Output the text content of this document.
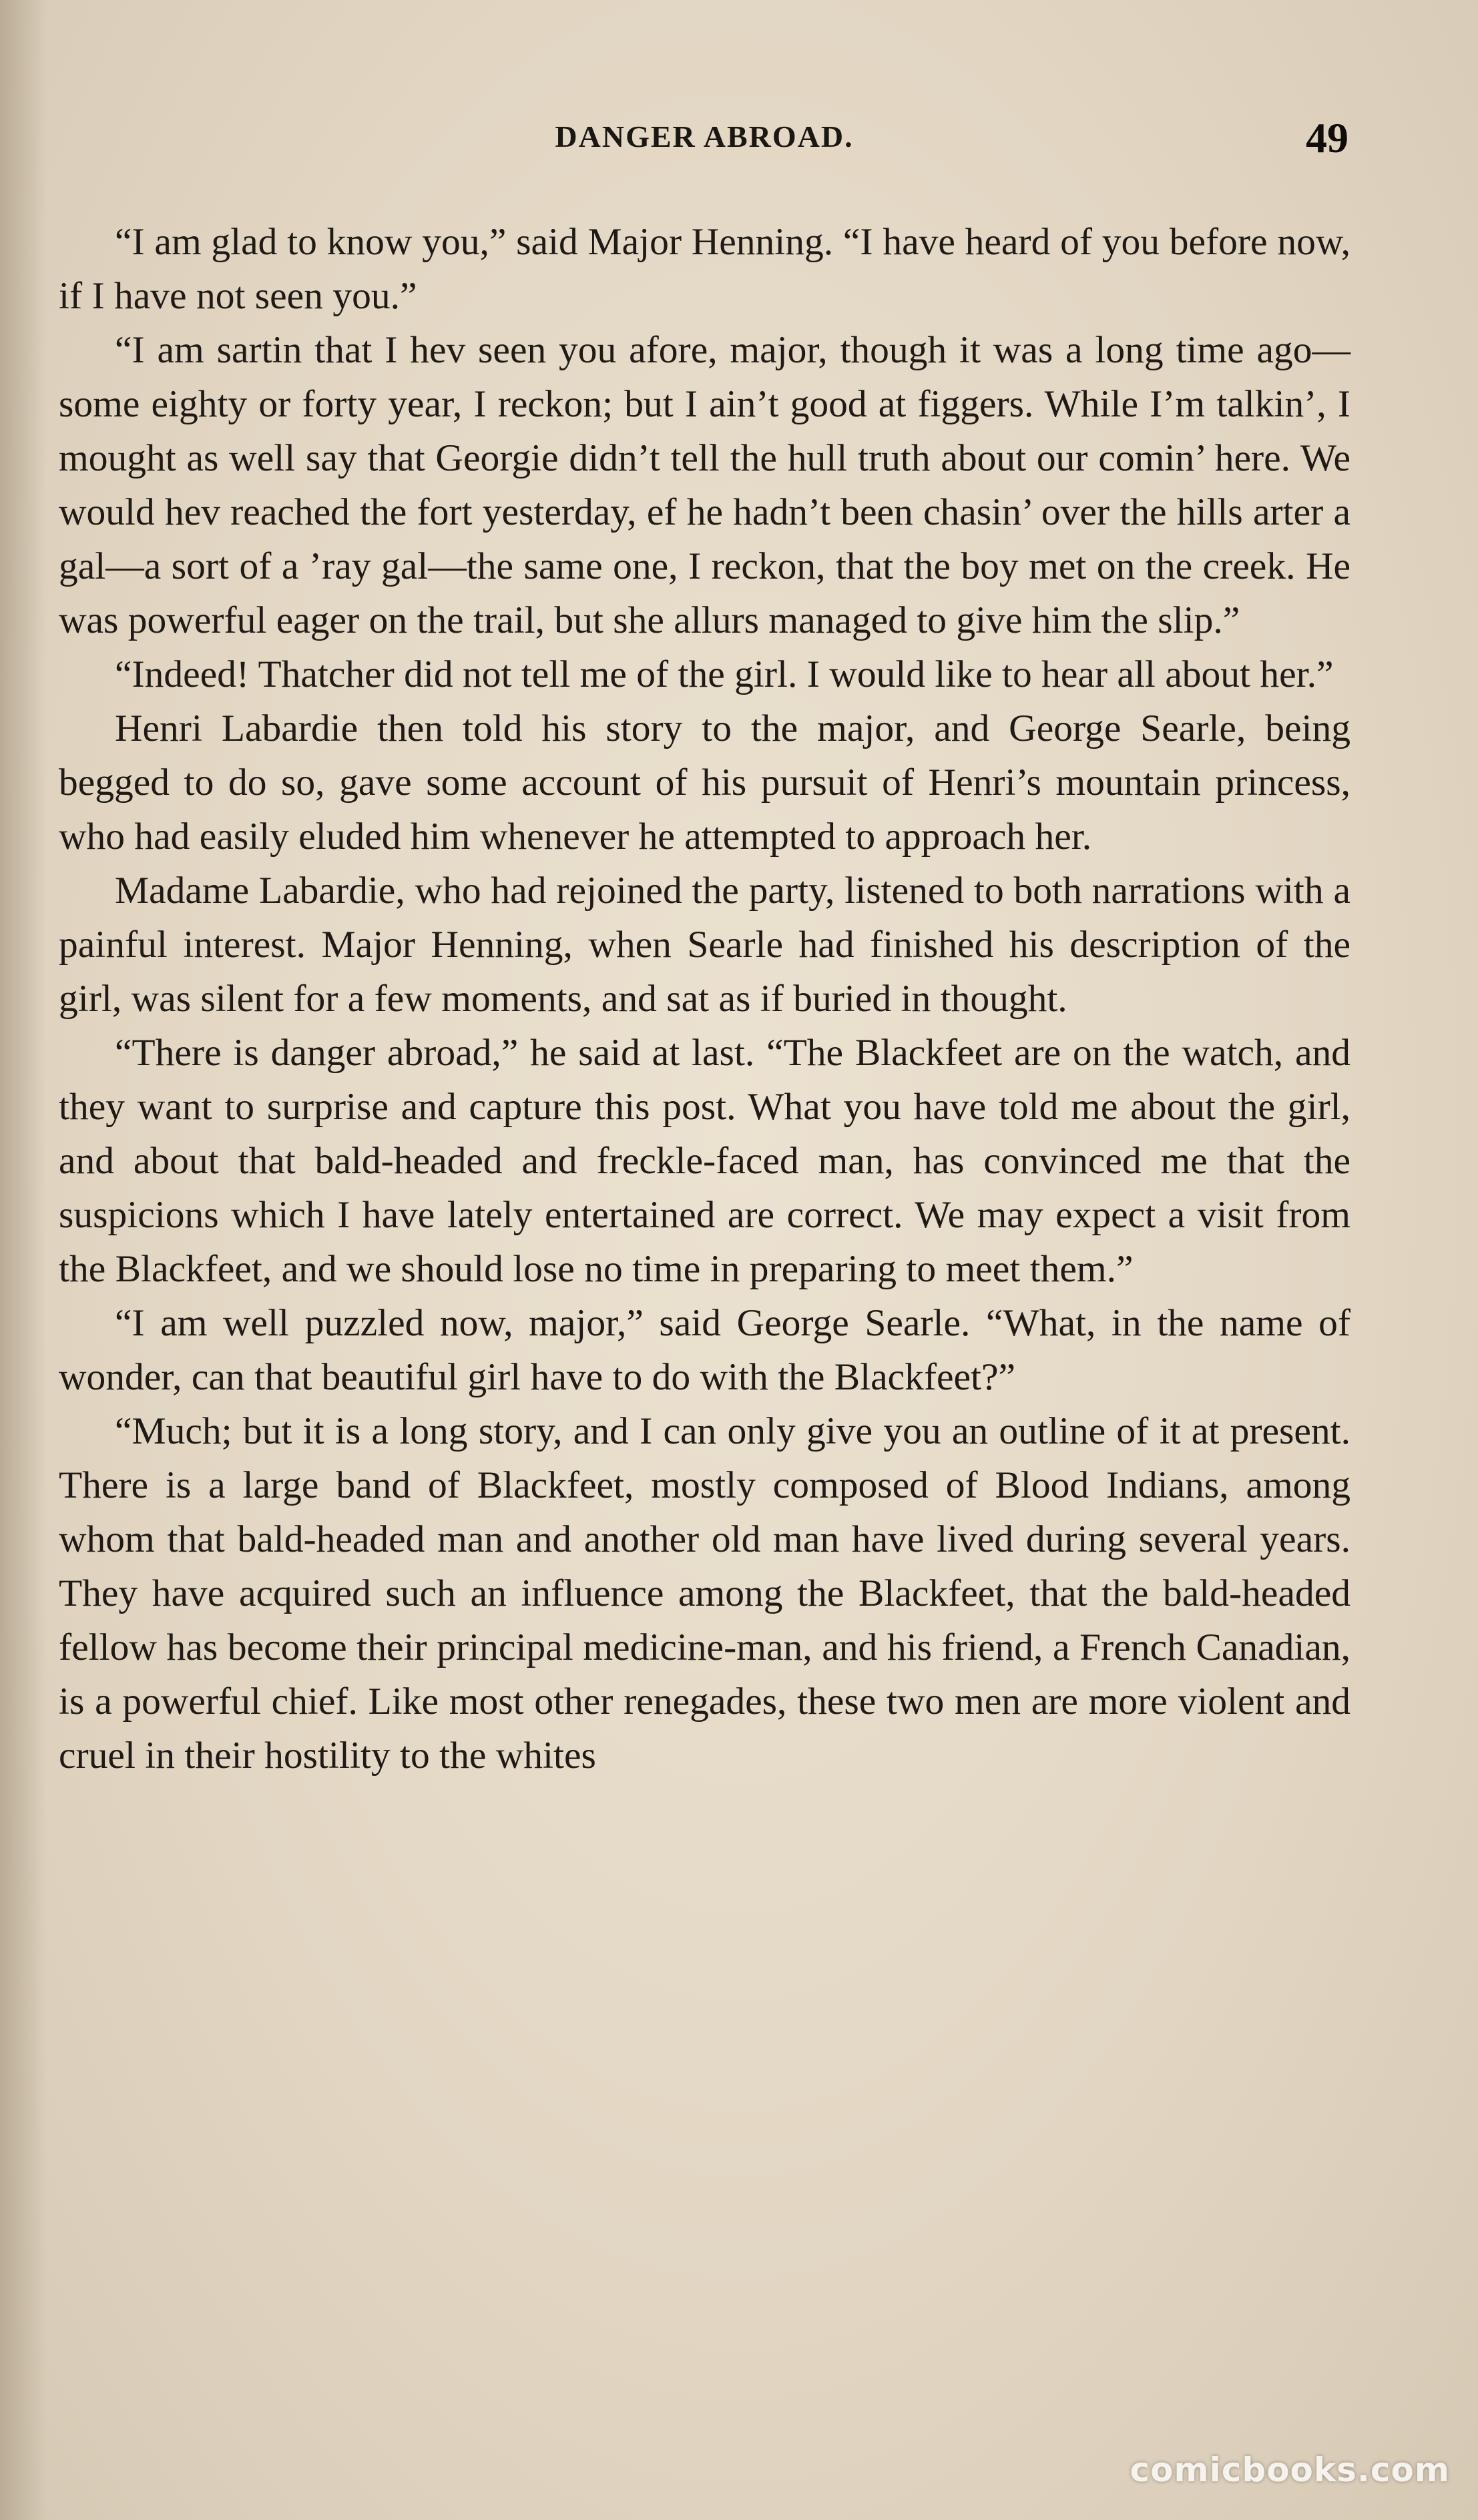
DANGER ABROAD.	49

“I am glad to know you,” said Major Henning. “I have heard of you before now, if I have not seen you.”

“I am sartin that I hev seen you afore, major, though it was a long time ago—some eighty or forty year, I reckon; but I ain’t good at figgers. While I’m talkin’, I mought as well say that Georgie didn’t tell the hull truth about our comin’ here. We would hev reached the fort yesterday, ef he hadn’t been chasin’ over the hills arter a gal—a sort of a ’ray gal—the same one, I reckon, that the boy met on the creek. He was powerful eager on the trail, but she allurs managed to give him the slip.”

“Indeed! Thatcher did not tell me of the girl. I would like to hear all about her.”

Henri Labardie then told his story to the major, and George Searle, being begged to do so, gave some account of his pursuit of Henri’s mountain princess, who had easily eluded him whenever he attempted to approach her.

Madame Labardie, who had rejoined the party, listened to both narrations with a painful interest. Major Henning, when Searle had finished his description of the girl, was silent for a few moments, and sat as if buried in thought.

“There is danger abroad,” he said at last. “The Blackfeet are on the watch, and they want to surprise and capture this post. What you have told me about the girl, and about that bald-headed and freckle-faced man, has convinced me that the suspicions which I have lately entertained are correct. We may expect a visit from the Blackfeet, and we should lose no time in preparing to meet them.”

“I am well puzzled now, major,” said George Searle. “What, in the name of wonder, can that beautiful girl have to do with the Blackfeet?”

“Much; but it is a long story, and I can only give you an outline of it at present. There is a large band of Blackfeet, mostly composed of Blood Indians, among whom that bald-headed man and another old man have lived during several years. They have acquired such an influence among the Blackfeet, that the bald-headed fellow has become their principal medicine-man, and his friend, a French Canadian, is a powerful chief. Like most other renegades, these two men are more violent and cruel in their hostility to the whites

comicbooks.com
